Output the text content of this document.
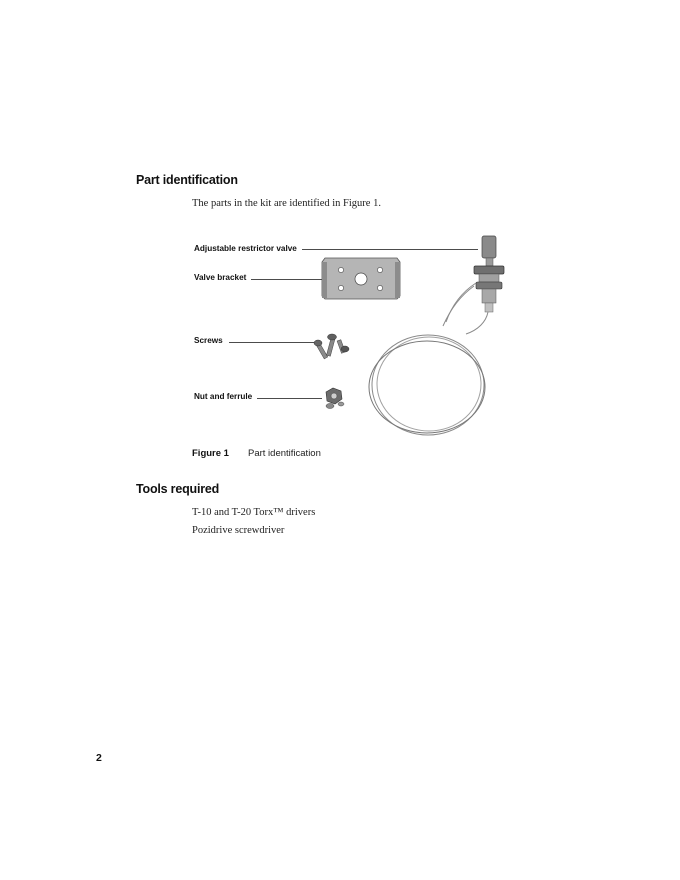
Part identification
The parts in the kit are identified in Figure 1.
Adjustable restrictor valve
Valve bracket
Screws
Nut and ferrule
Figure 1 Part identification
Tools required
T-10 and T-20 Torx™ drivers
Pozidrive screwdriver
2
